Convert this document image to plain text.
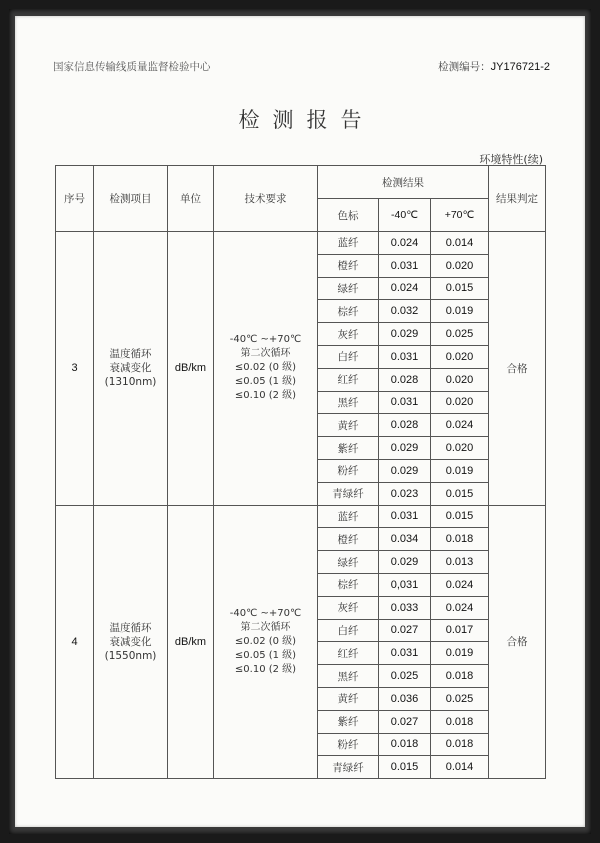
国家信息传输线质量监督检验中心	检测编号：JY176721-2
检测报告
环境特性(续)
序号	检测项目	单位	技术要求	检测结果			结果判定
				色标	-40℃	+70℃	
3	温度循环
衰减变化
(1310nm)	dB/km	-40℃ ~+70℃
第二次循环
≤0.02 (0 级)
≤0.05 (1 级)
≤0.10 (2 级)	蓝纤	0.024	0.014	合格
				橙纤	0.031	0.020	
				绿纤	0.024	0.015	
				棕纤	0.032	0.019	
				灰纤	0.029	0.025	
				白纤	0.031	0.020	
				红纤	0.028	0.020	
				黑纤	0.031	0.020	
				黄纤	0.028	0.024	
				紫纤	0.029	0.020	
				粉纤	0.029	0.019	
				青绿纤	0.023	0.015	
4	温度循环
衰减变化
(1550nm)	dB/km	-40℃ ~+70℃
第二次循环
≤0.02 (0 级)
≤0.05 (1 级)
≤0.10 (2 级)	蓝纤	0.031	0.015	合格
				橙纤	0.034	0.018	
				绿纤	0.029	0.013	
				棕纤	0,031	0.024	
				灰纤	0.033	0.024	
				白纤	0.027	0.017	
				红纤	0.031	0.019	
				黑纤	0.025	0.018	
				黄纤	0.036	0.025	
				紫纤	0.027	0.018	
				粉纤	0.018	0.018	
				青绿纤	0.015	0.014	
